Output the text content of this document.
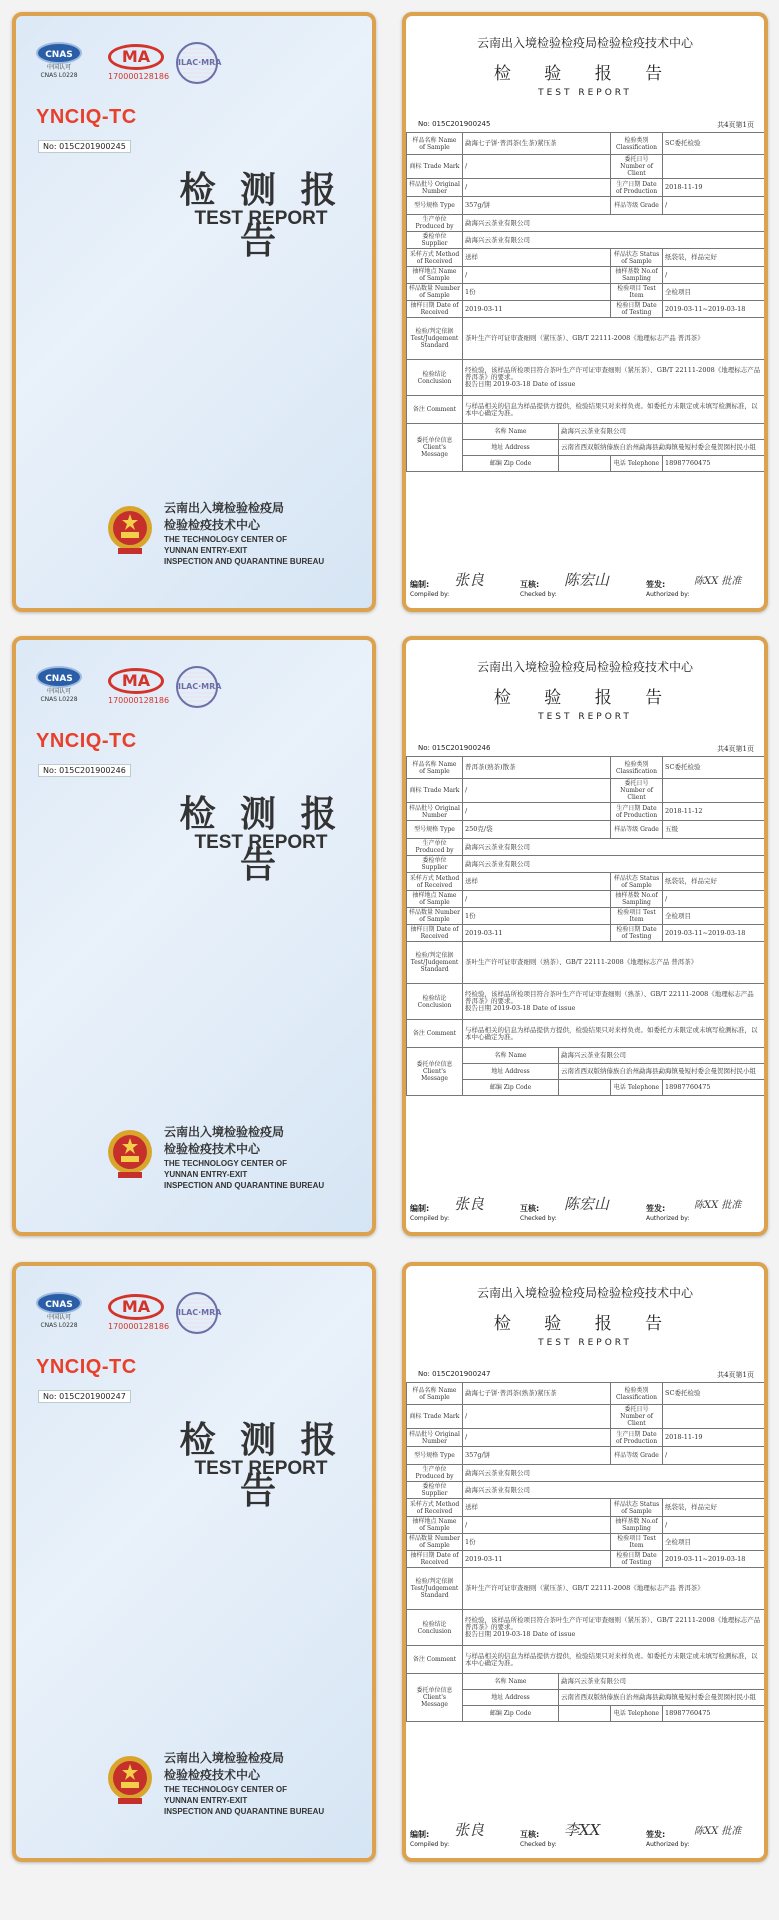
CNAS
中国认可
CNAS L0228
MA
170000128186
ILAC·MRA
YNCIQ-TC
No: 015C201900245
检 测 报 告
TEST REPORT
云南出入境检验检疫局
检验检疫技术中心
THE TECHNOLOGY CENTER OF
YUNNAN ENTRY-EXIT
INSPECTION AND QUARANTINE BUREAU
云南出入境检验检疫局检验检疫技术中心
检 验 报 告
TEST REPORT
No: 015C201900245	共4页第1页
样品名称 Name of Sample	勐海七子饼·普洱茶(生茶)紧压茶		检验类别 Classification	SC委托检验
商标 Trade Mark	/		委托日号 Number of Client	
样品批号 Original Number	/		生产日期 Date of Production	2018-11-19
型号规格 Type	357g/饼		样品等级 Grade	/
生产单位 Produced by	勐海兴云茶业有限公司			
委检单位 Supplier	勐海兴云茶业有限公司			
采样方式 Method of Received	送样		样品状态 Status of Sample	纸袋装，样品完好
抽样地点 Name of Sample	/		抽样基数 No.of Sampling	/
样品数量 Number of Sample	1份		检验项目 Test Item	全检项目
抽样日期 Date of Received	2019-03-11		检验日期 Date of Testing	2019-03-11~2019-03-18
检验/判定依据 Test/Judgement Standard	茶叶生产许可证审查细则（紧压茶）、GB/T 22111-2008《地理标志产品 普洱茶》			
检验结论 Conclusion	经检验，该样品所检项目符合茶叶生产许可证审查细则（紧压茶）、GB/T 22111-2008《地理标志产品 普洱茶》的要求。
报告日期 2019-03-18 Date of issue			
备注 Comment	与样品相关的信息为样品提供方提供，检验结果只对来样负责。如委托方未限定或未填写检测标准，以本中心确定为准。			
委托单位信息 Client's Message	名称 Name	勐海兴云茶业有限公司		
	地址 Address	云南省西双版纳傣族自治州勐海县勐海镇曼短村委会曼贺囡村民小组		
	邮编 Zip Code		电话 Telephone	18987760475
编制:
Compiled by:
张良	互核:
Checked by:
陈宏山	签发:
Authorized by:
陈XX 批准
CNAS
中国认可
CNAS L0228
MA
170000128186
ILAC·MRA
YNCIQ-TC
No: 015C201900246
检 测 报 告
TEST REPORT
云南出入境检验检疫局
检验检疫技术中心
THE TECHNOLOGY CENTER OF
YUNNAN ENTRY-EXIT
INSPECTION AND QUARANTINE BUREAU
云南出入境检验检疫局检验检疫技术中心
检 验 报 告
TEST REPORT
No: 015C201900246	共4页第1页
样品名称 Name of Sample	普洱茶(熟茶)散茶		检验类别 Classification	SC委托检验
商标 Trade Mark	/		委托日号 Number of Client	
样品批号 Original Number	/		生产日期 Date of Production	2018-11-12
型号规格 Type	250克/袋		样品等级 Grade	五级
生产单位 Produced by	勐海兴云茶业有限公司			
委检单位 Supplier	勐海兴云茶业有限公司			
采样方式 Method of Received	送样		样品状态 Status of Sample	纸袋装，样品完好
抽样地点 Name of Sample	/		抽样基数 No.of Sampling	/
样品数量 Number of Sample	1份		检验项目 Test Item	全检项目
抽样日期 Date of Received	2019-03-11		检验日期 Date of Testing	2019-03-11~2019-03-18
检验/判定依据 Test/Judgement Standard	茶叶生产许可证审查细则（熟茶）、GB/T 22111-2008《地理标志产品 普洱茶》			
检验结论 Conclusion	经检验，该样品所检项目符合茶叶生产许可证审查细则（熟茶）、GB/T 22111-2008《地理标志产品 普洱茶》的要求。
报告日期 2019-03-18 Date of issue			
备注 Comment	与样品相关的信息为样品提供方提供，检验结果只对来样负责。如委托方未限定或未填写检测标准，以本中心确定为准。			
委托单位信息 Client's Message	名称 Name	勐海兴云茶业有限公司		
	地址 Address	云南省西双版纳傣族自治州勐海县勐海镇曼短村委会曼贺囡村民小组		
	邮编 Zip Code		电话 Telephone	18987760475
编制:
Compiled by:
张良	互核:
Checked by:
陈宏山	签发:
Authorized by:
陈XX 批准
CNAS
中国认可
CNAS L0228
MA
170000128186
ILAC·MRA
YNCIQ-TC
No: 015C201900247
检 测 报 告
TEST REPORT
云南出入境检验检疫局
检验检疫技术中心
THE TECHNOLOGY CENTER OF
YUNNAN ENTRY-EXIT
INSPECTION AND QUARANTINE BUREAU
云南出入境检验检疫局检验检疫技术中心
检 验 报 告
TEST REPORT
No: 015C201900247	共4页第1页
样品名称 Name of Sample	勐海七子饼·普洱茶(熟茶)紧压茶		检验类别 Classification	SC委托检验
商标 Trade Mark	/		委托日号 Number of Client	
样品批号 Original Number	/		生产日期 Date of Production	2018-11-19
型号规格 Type	357g/饼		样品等级 Grade	/
生产单位 Produced by	勐海兴云茶业有限公司			
委检单位 Supplier	勐海兴云茶业有限公司			
采样方式 Method of Received	送样		样品状态 Status of Sample	纸袋装，样品完好
抽样地点 Name of Sample	/		抽样基数 No.of Sampling	/
样品数量 Number of Sample	1份		检验项目 Test Item	全检项目
抽样日期 Date of Received	2019-03-11		检验日期 Date of Testing	2019-03-11~2019-03-18
检验/判定依据 Test/Judgement Standard	茶叶生产许可证审查细则（紧压茶）、GB/T 22111-2008《地理标志产品 普洱茶》			
检验结论 Conclusion	经检验，该样品所检项目符合茶叶生产许可证审查细则（紧压茶）、GB/T 22111-2008《地理标志产品 普洱茶》的要求。
报告日期 2019-03-18 Date of issue			
备注 Comment	与样品相关的信息为样品提供方提供，检验结果只对来样负责。如委托方未限定或未填写检测标准，以本中心确定为准。			
委托单位信息 Client's Message	名称 Name	勐海兴云茶业有限公司		
	地址 Address	云南省西双版纳傣族自治州勐海县勐海镇曼短村委会曼贺囡村民小组		
	邮编 Zip Code		电话 Telephone	18987760475
编制:
Compiled by:
张良	互核:
Checked by:
李XX	签发:
Authorized by:
陈XX 批准
